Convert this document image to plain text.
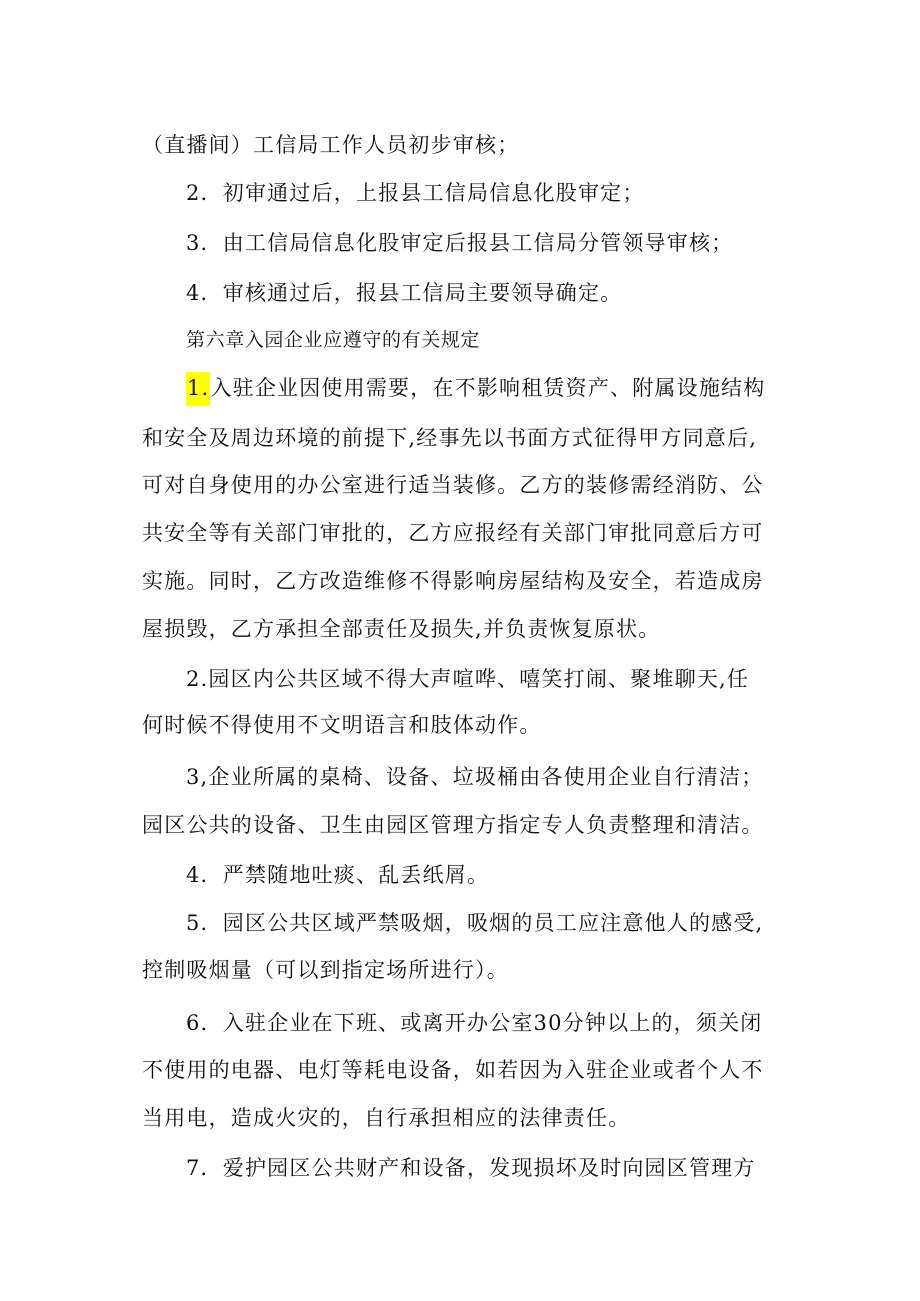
（直播间）工信局工作人员初步审核；
2．初审通过后，上报县工信局信息化股审定；
3．由工信局信息化股审定后报县工信局分管领导审核；
4．审核通过后，报县工信局主要领导确定。
第六章入园企业应遵守的有关规定
1.入驻企业因使用需要，在不影响租赁资产、附属设施结构
和安全及周边环境的前提下,经事先以书面方式征得甲方同意后,
可对自身使用的办公室进行适当装修。乙方的装修需经消防、公
共安全等有关部门审批的，乙方应报经有关部门审批同意后方可
实施。同时，乙方改造维修不得影响房屋结构及安全，若造成房
屋损毁，乙方承担全部责任及损失,并负责恢复原状。
2.园区内公共区域不得大声喧哗、嘻笑打闹、聚堆聊天,任
何时候不得使用不文明语言和肢体动作。
3,企业所属的桌椅、设备、垃圾桶由各使用企业自行清洁；
园区公共的设备、卫生由园区管理方指定专人负责整理和清洁。
4．严禁随地吐痰、乱丢纸屑。
5．园区公共区域严禁吸烟，吸烟的员工应注意他人的感受,
控制吸烟量（可以到指定场所进行）。
6．入驻企业在下班、或离开办公室30分钟以上的，须关闭
不使用的电器、电灯等耗电设备，如若因为入驻企业或者个人不
当用电，造成火灾的，自行承担相应的法律责任。
7．爱护园区公共财产和设备，发现损坏及时向园区管理方
